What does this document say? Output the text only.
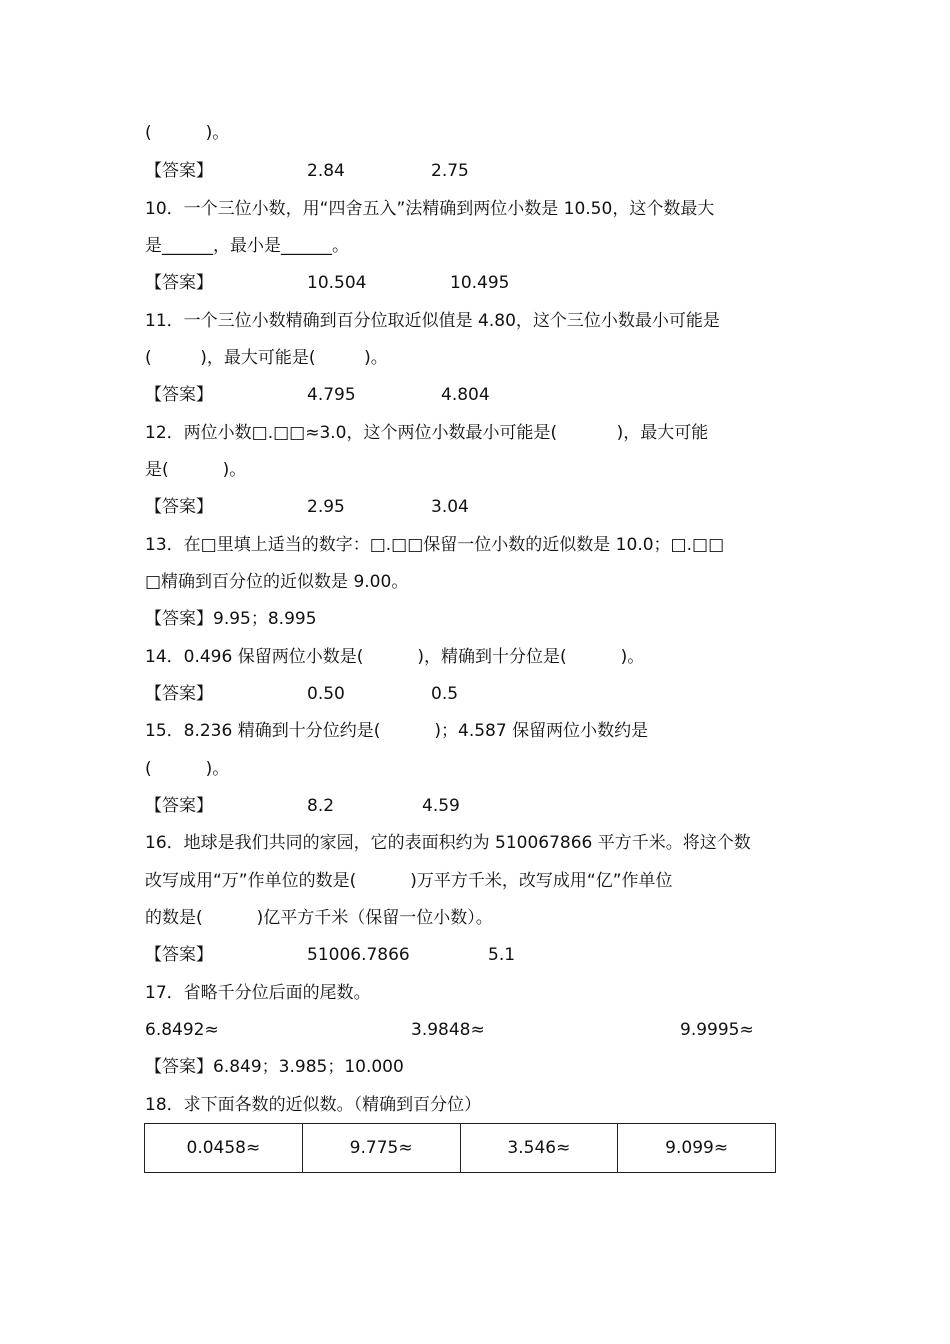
(          )。
【答案】	2.84	2.75
10．一个三位小数，用“四舍五入”法精确到两位小数是 10.50，这个数最大
是______，最小是______。
【答案】	10.504	10.495
11．一个三位小数精确到百分位取近似值是 4.80，这个三位小数最小可能是
(         )，最大可能是(         )。
【答案】	4.795	4.804
12．两位小数□.□□≈3.0，这个两位小数最小可能是(           )，最大可能
是(          )。
【答案】	2.95	3.04
13．在□里填上适当的数字：□.□□保留一位小数的近似数是 10.0；□.□□
□精确到百分位的近似数是 9.00。
【答案】9.95；8.995
14．0.496 保留两位小数是(          )，精确到十分位是(          )。
【答案】	0.50	0.5
15．8.236 精确到十分位约是(          )；4.587 保留两位小数约是
(          )。
【答案】	8.2	4.59
16．地球是我们共同的家园，它的表面积约为 510067866 平方千米。将这个数
改写成用“万”作单位的数是(          )万平方千米，改写成用“亿”作单位
的数是(          )亿平方千米（保留一位小数）。
【答案】	51006.7866	5.1
17．省略千分位后面的尾数。
6.8492≈	3.9848≈	9.9995≈
【答案】6.849；3.985；10.000
18．求下面各数的近似数。（精确到百分位）
0.0458≈	9.775≈	3.546≈	9.099≈
